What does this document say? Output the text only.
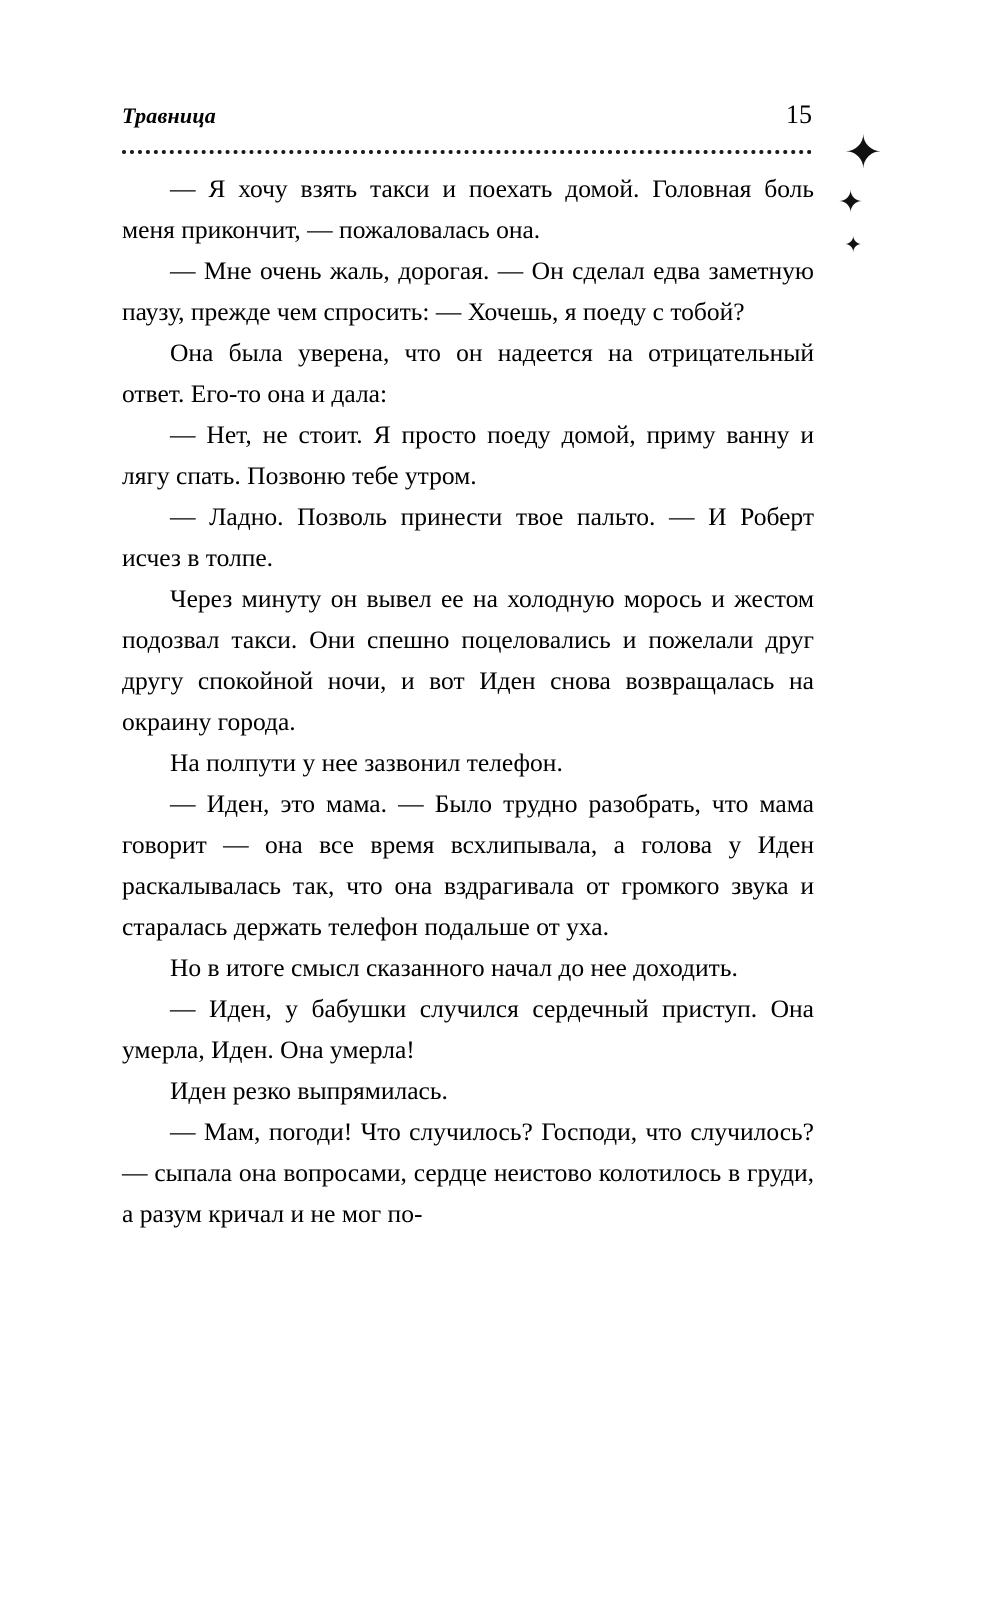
Травница	15
✦
✦
✦

— Я хочу взять такси и поехать домой. Головная боль меня прикончит, — пожаловалась она.

— Мне очень жаль, дорогая. — Он сделал едва заметную паузу, прежде чем спросить: — Хочешь, я поеду с тобой?

Она была уверена, что он надеется на отрицательный ответ. Его-то она и дала:

— Нет, не стоит. Я просто поеду домой, приму ванну и лягу спать. Позвоню тебе утром.

— Ладно. Позволь принести твое пальто. — И Роберт исчез в толпе.

Через минуту он вывел ее на холодную морось и жестом подозвал такси. Они спешно поцеловались и пожелали друг другу спокойной ночи, и вот Иден снова возвращалась на окраину города.

На полпути у нее зазвонил телефон.

— Иден, это мама. — Было трудно разобрать, что мама говорит — она все время всхлипывала, а голова у Иден раскалывалась так, что она вздрагивала от громкого звука и старалась держать телефон подальше от уха.

Но в итоге смысл сказанного начал до нее доходить.

— Иден, у бабушки случился сердечный приступ. Она умерла, Иден. Она умерла!

Иден резко выпрямилась.

— Мам, погоди! Что случилось? Господи, что случилось? — сыпала она вопросами, сердце неистово колотилось в груди, а разум кричал и не мог по-
